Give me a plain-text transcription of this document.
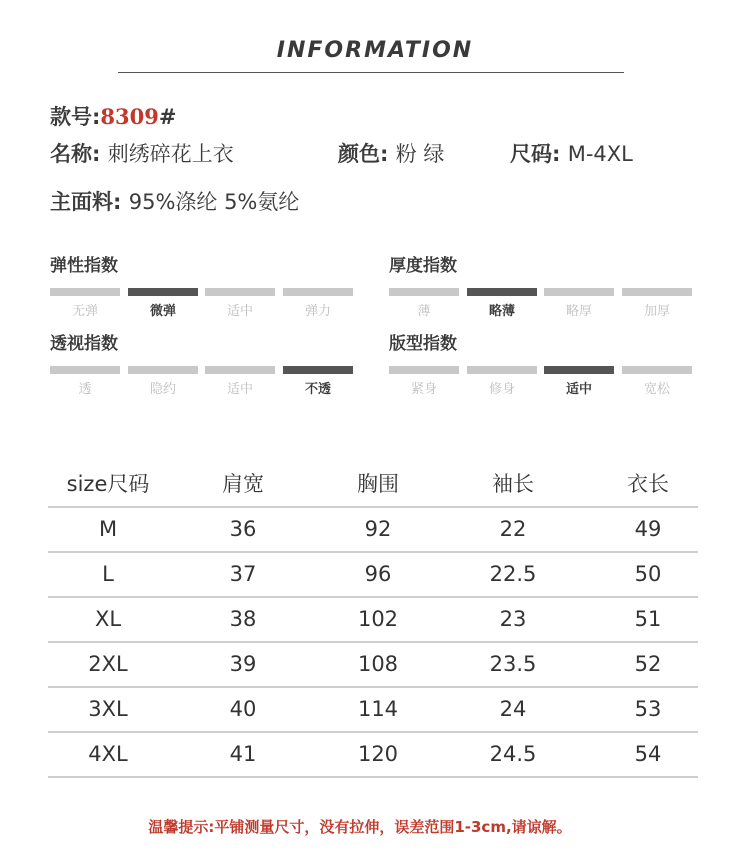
INFORMATION
款号:8309#
名称: 刺绣碎花上衣	颜色: 粉 绿	尺码: M-4XL
主面料: 95%涤纶 5%氨纶
弹性指数
无弹	微弹	适中	弹力
厚度指数
薄	略薄	略厚	加厚
透视指数
透	隐约	适中	不透
版型指数
紧身	修身	适中	宽松
size尺码	肩宽	胸围	袖长	衣长
M	36	92	22	49
L	37	96	22.5	50
XL	38	102	23	51
2XL	39	108	23.5	52
3XL	40	114	24	53
4XL	41	120	24.5	54
温馨提示:平铺测量尺寸，没有拉伸，误差范围1-3cm,请谅解。
